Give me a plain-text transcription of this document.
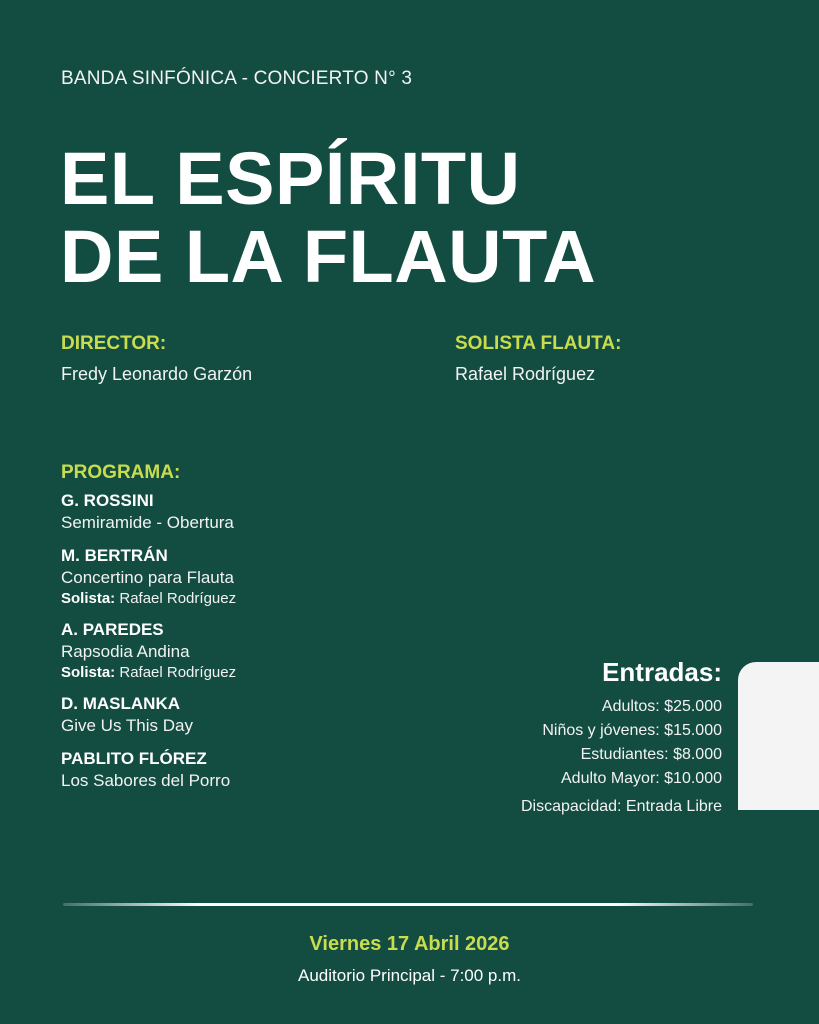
BANDA SINFÓNICA - CONCIERTO N° 3
EL ESPÍRITU
DE LA FLAUTA
DIRECTOR:
Fredy Leonardo Garzón
SOLISTA FLAUTA:
Rafael Rodríguez
PROGRAMA:
G. ROSSINI
Semiramide - Obertura
M. BERTRÁN
Concertino para Flauta
Solista: Rafael Rodríguez
A. PAREDES
Rapsodia Andina
Solista: Rafael Rodríguez
D. MASLANKA
Give Us This Day
PABLITO FLÓREZ
Los Sabores del Porro
Entradas:
Adultos: $25.000
Niños y jóvenes: $15.000
Estudiantes: $8.000
Adulto Mayor: $10.000
Discapacidad: Entrada Libre
Viernes 17 Abril 2026
Auditorio Principal - 7:00 p.m.
